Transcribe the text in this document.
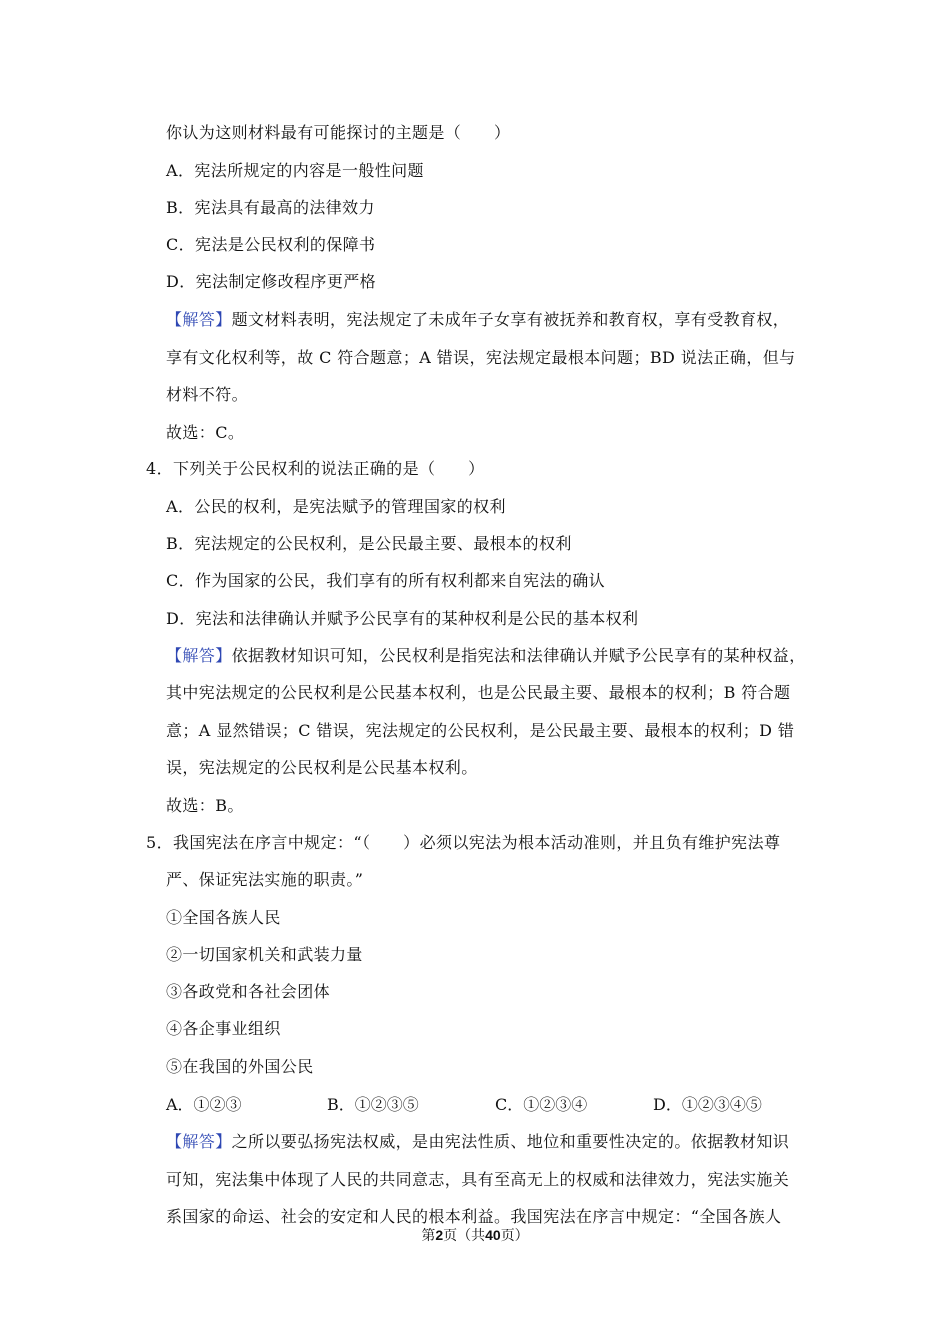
你认为这则材料最有可能探讨的主题是（　　）
A．宪法所规定的内容是一般性问题
B．宪法具有最高的法律效力
C．宪法是公民权利的保障书
D．宪法制定修改程序更严格
【解答】题文材料表明，宪法规定了未成年子女享有被抚养和教育权，享有受教育权，
享有文化权利等，故 C 符合题意；A 错误，宪法规定最根本问题；BD 说法正确，但与
材料不符。
故选：C。
4．下列关于公民权利的说法正确的是（　　）
A．公民的权利，是宪法赋予的管理国家的权利
B．宪法规定的公民权利，是公民最主要、最根本的权利
C．作为国家的公民，我们享有的所有权利都来自宪法的确认
D．宪法和法律确认并赋予公民享有的某种权利是公民的基本权利
【解答】依据教材知识可知，公民权利是指宪法和法律确认并赋予公民享有的某种权益，
其中宪法规定的公民权利是公民基本权利，也是公民最主要、最根本的权利；B 符合题
意；A 显然错误；C 错误，宪法规定的公民权利，是公民最主要、最根本的权利；D 错
误，宪法规定的公民权利是公民基本权利。
故选：B。
5．我国宪法在序言中规定：“（　　）必须以宪法为根本活动准则，并且负有维护宪法尊
严、保证宪法实施的职责。”
①全国各族人民
②一切国家机关和武装力量
③各政党和各社会团体
④各企事业组织
⑤在我国的外国公民
A．①②③	B．①②③⑤	C．①②③④	D．①②③④⑤
【解答】之所以要弘扬宪法权威，是由宪法性质、地位和重要性决定的。依据教材知识
可知，宪法集中体现了人民的共同意志，具有至高无上的权威和法律效力，宪法实施关
系国家的命运、社会的安定和人民的根本利益。我国宪法在序言中规定：“全国各族人
第2页（共40页）
